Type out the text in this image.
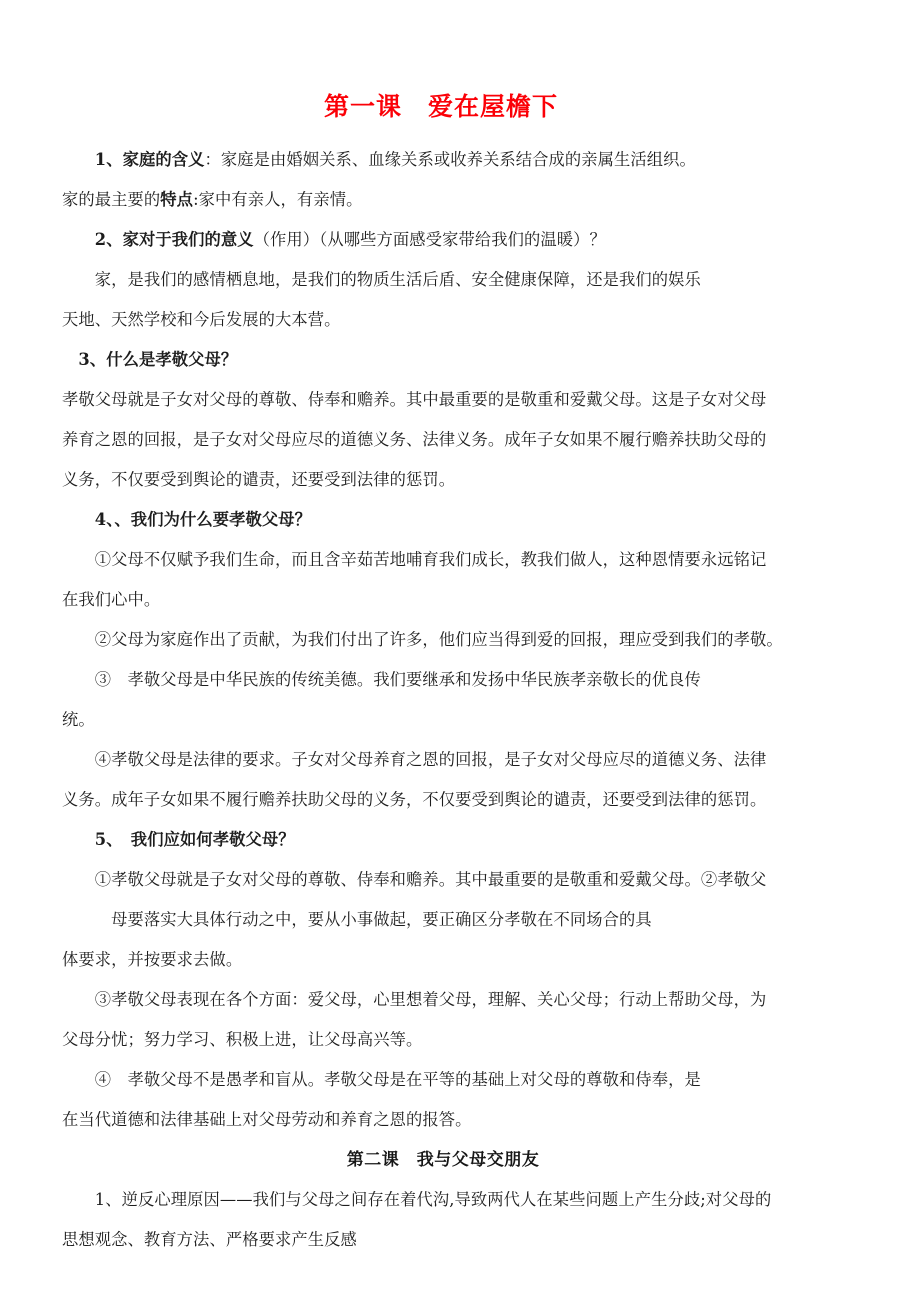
第一课　爱在屋檐下
　　1、家庭的含义：家庭是由婚姻关系、血缘关系或收养关系结合成的亲属生活组织。
家的最主要的特点:家中有亲人，有亲情。
　　2、家对于我们的意义（作用）（从哪些方面感受家带给我们的温暖）？
　　家，是我们的感情栖息地，是我们的物质生活后盾、安全健康保障，还是我们的娱乐
天地、天然学校和今后发展的大本营。
　3、什么是孝敬父母？
孝敬父母就是子女对父母的尊敬、侍奉和赡养。其中最重要的是敬重和爱戴父母。这是子女对父母
养育之恩的回报，是子女对父母应尽的道德义务、法律义务。成年子女如果不履行赡养扶助父母的
义务，不仅要受到舆论的谴责，还要受到法律的惩罚。
　　4、、我们为什么要孝敬父母？
　　①父母不仅赋予我们生命，而且含辛茹苦地哺育我们成长，教我们做人，这种恩情要永远铭记
在我们心中。
　　②父母为家庭作出了贡献，为我们付出了许多，他们应当得到爱的回报，理应受到我们的孝敬。
　　③　孝敬父母是中华民族的传统美德。我们要继承和发扬中华民族孝亲敬长的优良传
统。
　　④孝敬父母是法律的要求。子女对父母养育之恩的回报，是子女对父母应尽的道德义务、法律
义务。成年子女如果不履行赡养扶助父母的义务，不仅要受到舆论的谴责，还要受到法律的惩罚。
　　5、　我们应如何孝敬父母？
　　①孝敬父母就是子女对父母的尊敬、侍奉和赡养。其中最重要的是敬重和爱戴父母。②孝敬父
　　　母要落实大具体行动之中，要从小事做起，要正确区分孝敬在不同场合的具
体要求，并按要求去做。
　　③孝敬父母表现在各个方面：爱父母，心里想着父母，理解、关心父母；行动上帮助父母，为
父母分忧；努力学习、积极上进，让父母高兴等。
　　④　孝敬父母不是愚孝和盲从。孝敬父母是在平等的基础上对父母的尊敬和侍奉，是
在当代道德和法律基础上对父母劳动和养育之恩的报答。
第二课　我与父母交朋友
　　1、逆反心理原因——我们与父母之间存在着代沟,导致两代人在某些问题上产生分歧;对父母的
思想观念、教育方法、严格要求产生反感
